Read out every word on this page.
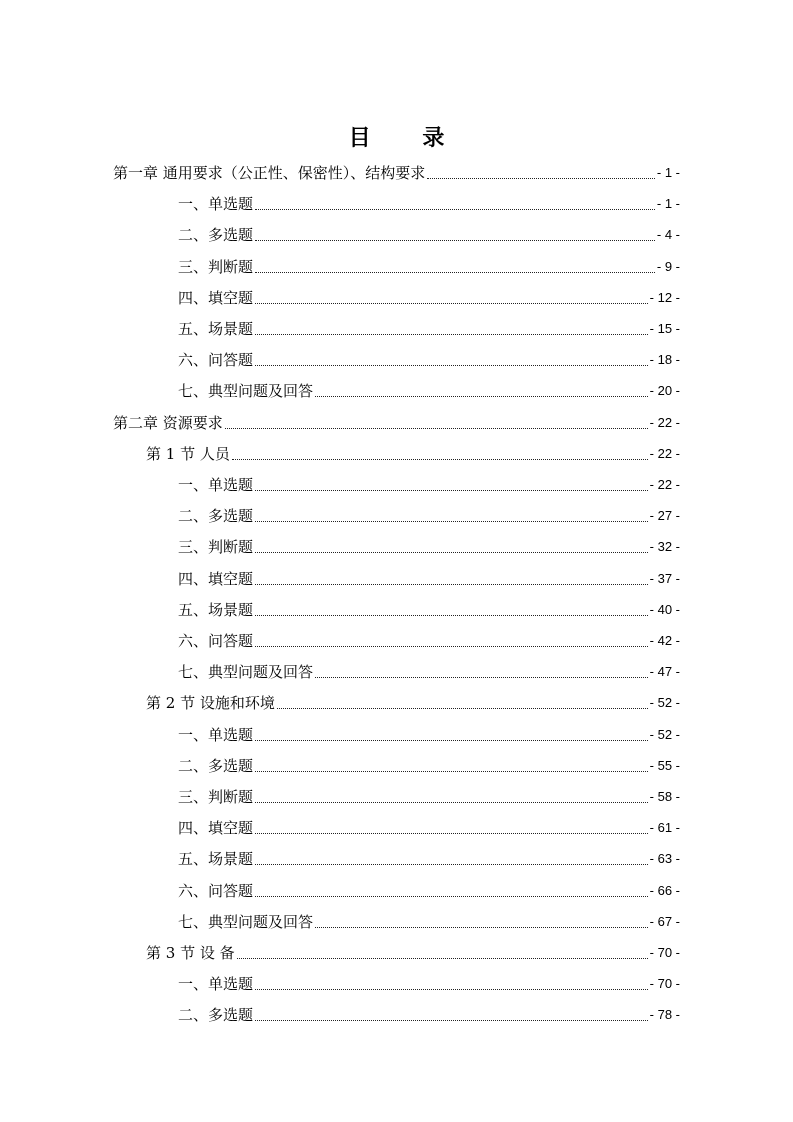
目 录
第一章 通用要求（公正性、保密性）、结构要求	- 1 -
一、单选题	- 1 -
二、多选题	- 4 -
三、判断题	- 9 -
四、填空题	- 12 -
五、场景题	- 15 -
六、问答题	- 18 -
七、典型问题及回答	- 20 -
第二章 资源要求	- 22 -
第 1 节 人员	- 22 -
一、单选题	- 22 -
二、多选题	- 27 -
三、判断题	- 32 -
四、填空题	- 37 -
五、场景题	- 40 -
六、问答题	- 42 -
七、典型问题及回答	- 47 -
第 2 节 设施和环境	- 52 -
一、单选题	- 52 -
二、多选题	- 55 -
三、判断题	- 58 -
四、填空题	- 61 -
五、场景题	- 63 -
六、问答题	- 66 -
七、典型问题及回答	- 67 -
第 3 节 设 备	- 70 -
一、单选题	- 70 -
二、多选题	- 78 -
